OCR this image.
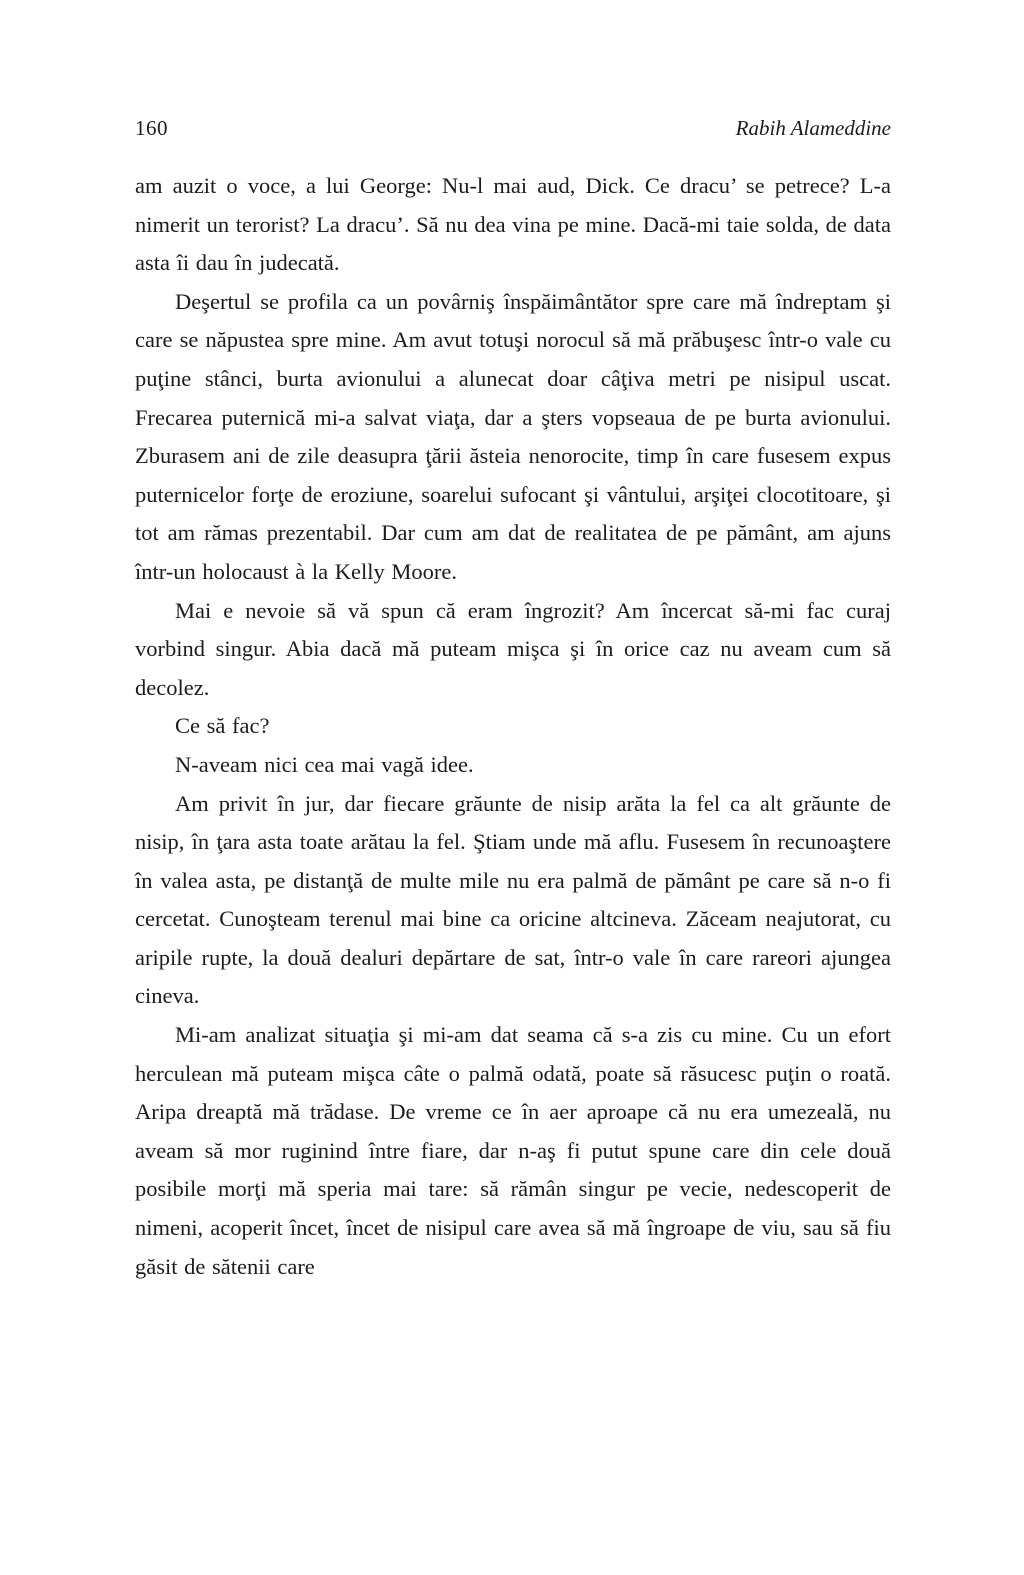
160	Rabih Alameddine

am auzit o voce, a lui George: Nu-l mai aud, Dick. Ce dracu’ se petrece? L-a nimerit un terorist? La dracu’. Să nu dea vina pe mine. Dacă-mi taie solda, de data asta îi dau în judecată.

Deşertul se profila ca un povârniş înspăimântător spre care mă îndreptam şi care se năpustea spre mine. Am avut totuşi norocul să mă prăbuşesc într-o vale cu puţine stânci, burta avionului a alunecat doar câţiva metri pe nisipul uscat. Frecarea puternică mi-a salvat viaţa, dar a şters vopseaua de pe burta avionului. Zburasem ani de zile deasupra ţării ăsteia nenorocite, timp în care fusesem expus puternicelor forţe de eroziune, soarelui sufocant şi vântului, arşiţei clocotitoare, şi tot am rămas prezentabil. Dar cum am dat de realitatea de pe pământ, am ajuns într-un holocaust à la Kelly Moore.

Mai e nevoie să vă spun că eram îngrozit? Am încercat să-mi fac curaj vorbind singur. Abia dacă mă puteam mişca şi în orice caz nu aveam cum să decolez.

Ce să fac?

N-aveam nici cea mai vagă idee.

Am privit în jur, dar fiecare grăunte de nisip arăta la fel ca alt grăunte de nisip, în ţara asta toate arătau la fel. Ştiam unde mă aflu. Fusesem în recunoaştere în valea asta, pe distanţă de multe mile nu era palmă de pământ pe care să n-o fi cercetat. Cunoşteam terenul mai bine ca oricine altcineva. Zăceam neajutorat, cu aripile rupte, la două dealuri depărtare de sat, într-o vale în care rareori ajungea cineva.

Mi-am analizat situaţia şi mi-am dat seama că s-a zis cu mine. Cu un efort herculean mă puteam mişca câte o palmă odată, poate să răsucesc puţin o roată. Aripa dreaptă mă trădase. De vreme ce în aer aproape că nu era umezeală, nu aveam să mor ruginind între fiare, dar n-aş fi putut spune care din cele două posibile morţi mă speria mai tare: să rămân singur pe vecie, nedescoperit de nimeni, acoperit încet, încet de nisipul care avea să mă îngroape de viu, sau să fiu găsit de sătenii care
